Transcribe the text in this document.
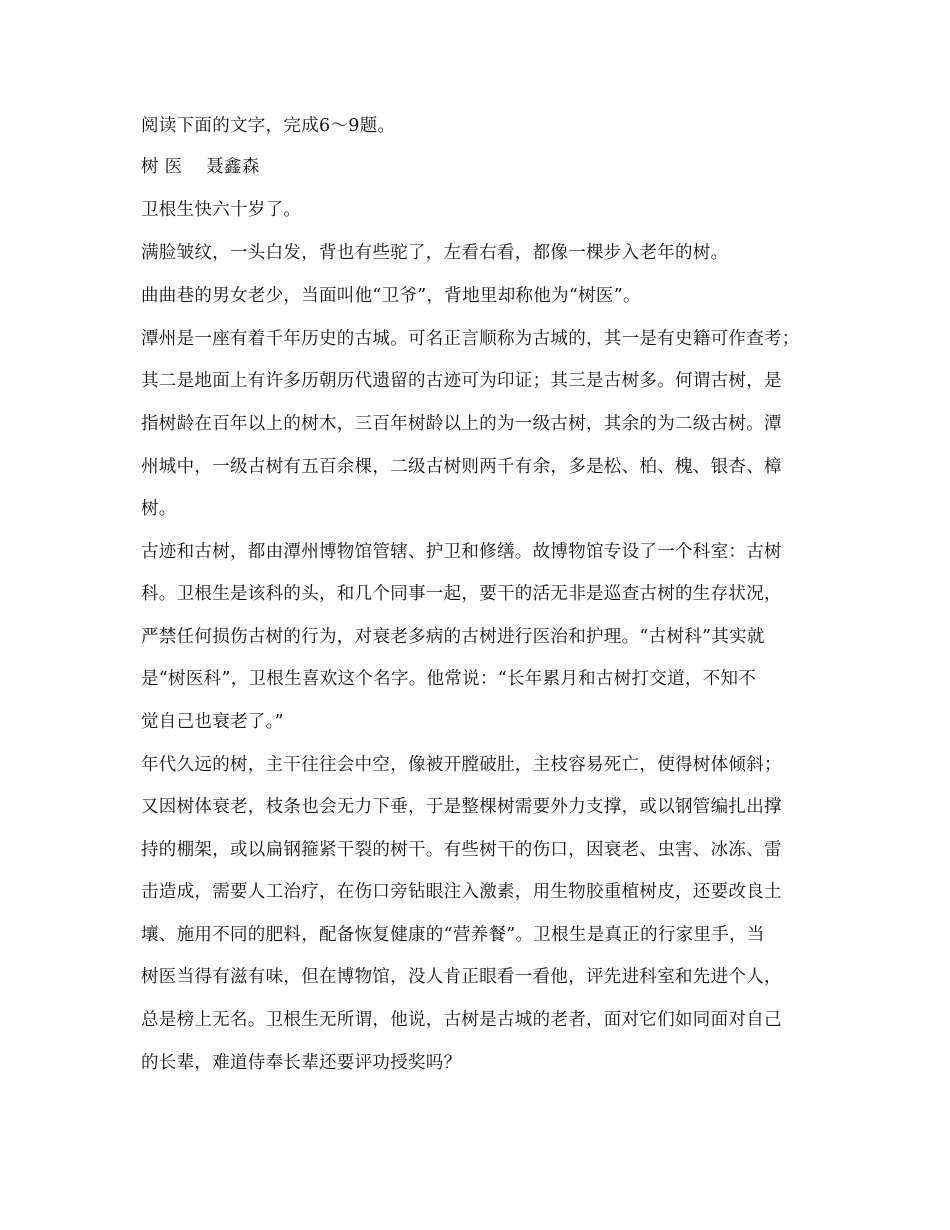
阅读下面的文字，完成6～9题。
树 医　 聂鑫森
卫根生快六十岁了。
满脸皱纹，一头白发，背也有些驼了，左看右看，都像一棵步入老年的树。
曲曲巷的男女老少，当面叫他“卫爷”，背地里却称他为“树医”。
潭州是一座有着千年历史的古城。可名正言顺称为古城的，其一是有史籍可作查考；
其二是地面上有许多历朝历代遗留的古迹可为印证；其三是古树多。何谓古树，是
指树龄在百年以上的树木，三百年树龄以上的为一级古树，其余的为二级古树。潭
州城中，一级古树有五百余棵，二级古树则两千有余，多是松、柏、槐、银杏、樟
树。
古迹和古树，都由潭州博物馆管辖、护卫和修缮。故博物馆专设了一个科室：古树
科。卫根生是该科的头，和几个同事一起，要干的活无非是巡查古树的生存状况，
严禁任何损伤古树的行为，对衰老多病的古树进行医治和护理。“古树科”其实就
是“树医科”，卫根生喜欢这个名字。他常说：“长年累月和古树打交道，不知不
觉自己也衰老了。”
年代久远的树，主干往往会中空，像被开膛破肚，主枝容易死亡，使得树体倾斜；
又因树体衰老，枝条也会无力下垂，于是整棵树需要外力支撑，或以钢管编扎出撑
持的棚架，或以扁钢箍紧干裂的树干。有些树干的伤口，因衰老、虫害、冰冻、雷
击造成，需要人工治疗，在伤口旁钻眼注入激素，用生物胶重植树皮，还要改良土
壤、施用不同的肥料，配备恢复健康的“营养餐”。卫根生是真正的行家里手，当
树医当得有滋有味，但在博物馆，没人肯正眼看一看他，评先进科室和先进个人，
总是榜上无名。卫根生无所谓，他说，古树是古城的老者，面对它们如同面对自己
的长辈，难道侍奉长辈还要评功授奖吗？
